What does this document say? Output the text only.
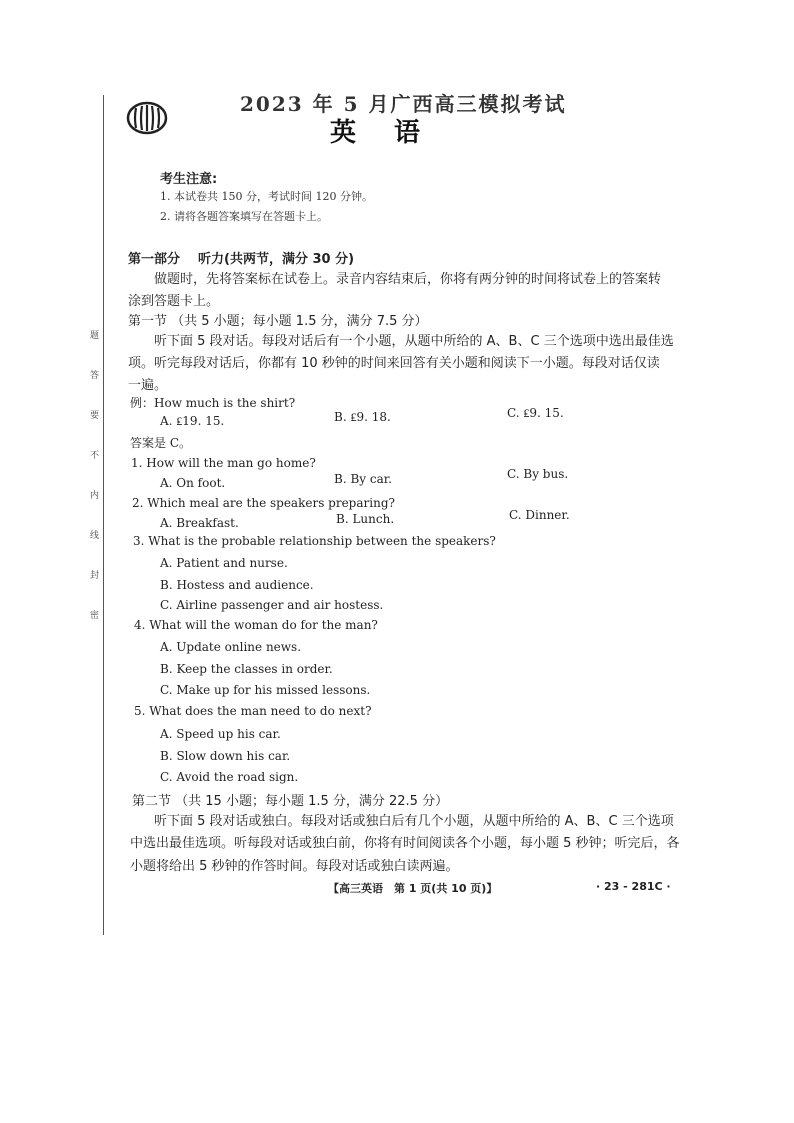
密
封
线
内
不
要
答
题
2023 年 5 月广西高三模拟考试
英语
考生注意:
1. 本试卷共 150 分，考试时间 120 分钟。
2. 请将各题答案填写在答题卡上。
第一部分 听力(共两节，满分 30 分)
做题时，先将答案标在试卷上。录音内容结束后，你将有两分钟的时间将试卷上的答案转
涂到答题卡上。
第一节 （共 5 小题；每小题 1.5 分，满分 7.5 分）
听下面 5 段对话。每段对话后有一个小题，从题中所给的 A、B、C 三个选项中选出最佳选
项。听完每段对话后，你都有 10 秒钟的时间来回答有关小题和阅读下一小题。每段对话仅读
一遍。
例：How much is the shirt?
A. ₤19. 15.	B. ₤9. 18.	C. ₤9. 15.
答案是 C。
1. How will the man go home?
A. On foot.	B. By car.	C. By bus.
2. Which meal are the speakers preparing?
A. Breakfast.	B. Lunch.	C. Dinner.
3. What is the probable relationship between the speakers?
A. Patient and nurse.
B. Hostess and audience.
C. Airline passenger and air hostess.
4. What will the woman do for the man?
A. Update online news.
B. Keep the classes in order.
C. Make up for his missed lessons.
5. What does the man need to do next?
A. Speed up his car.
B. Slow down his car.
C. Avoid the road sign.
第二节 （共 15 小题；每小题 1.5 分，满分 22.5 分）
听下面 5 段对话或独白。每段对话或独白后有几个小题，从题中所给的 A、B、C 三个选项
中选出最佳选项。听每段对话或独白前，你将有时间阅读各个小题，每小题 5 秒钟；听完后，各
小题将给出 5 秒钟的作答时间。每段对话或独白读两遍。
【高三英语　第 1 页(共 10 页)】	· 23 - 281C ·
